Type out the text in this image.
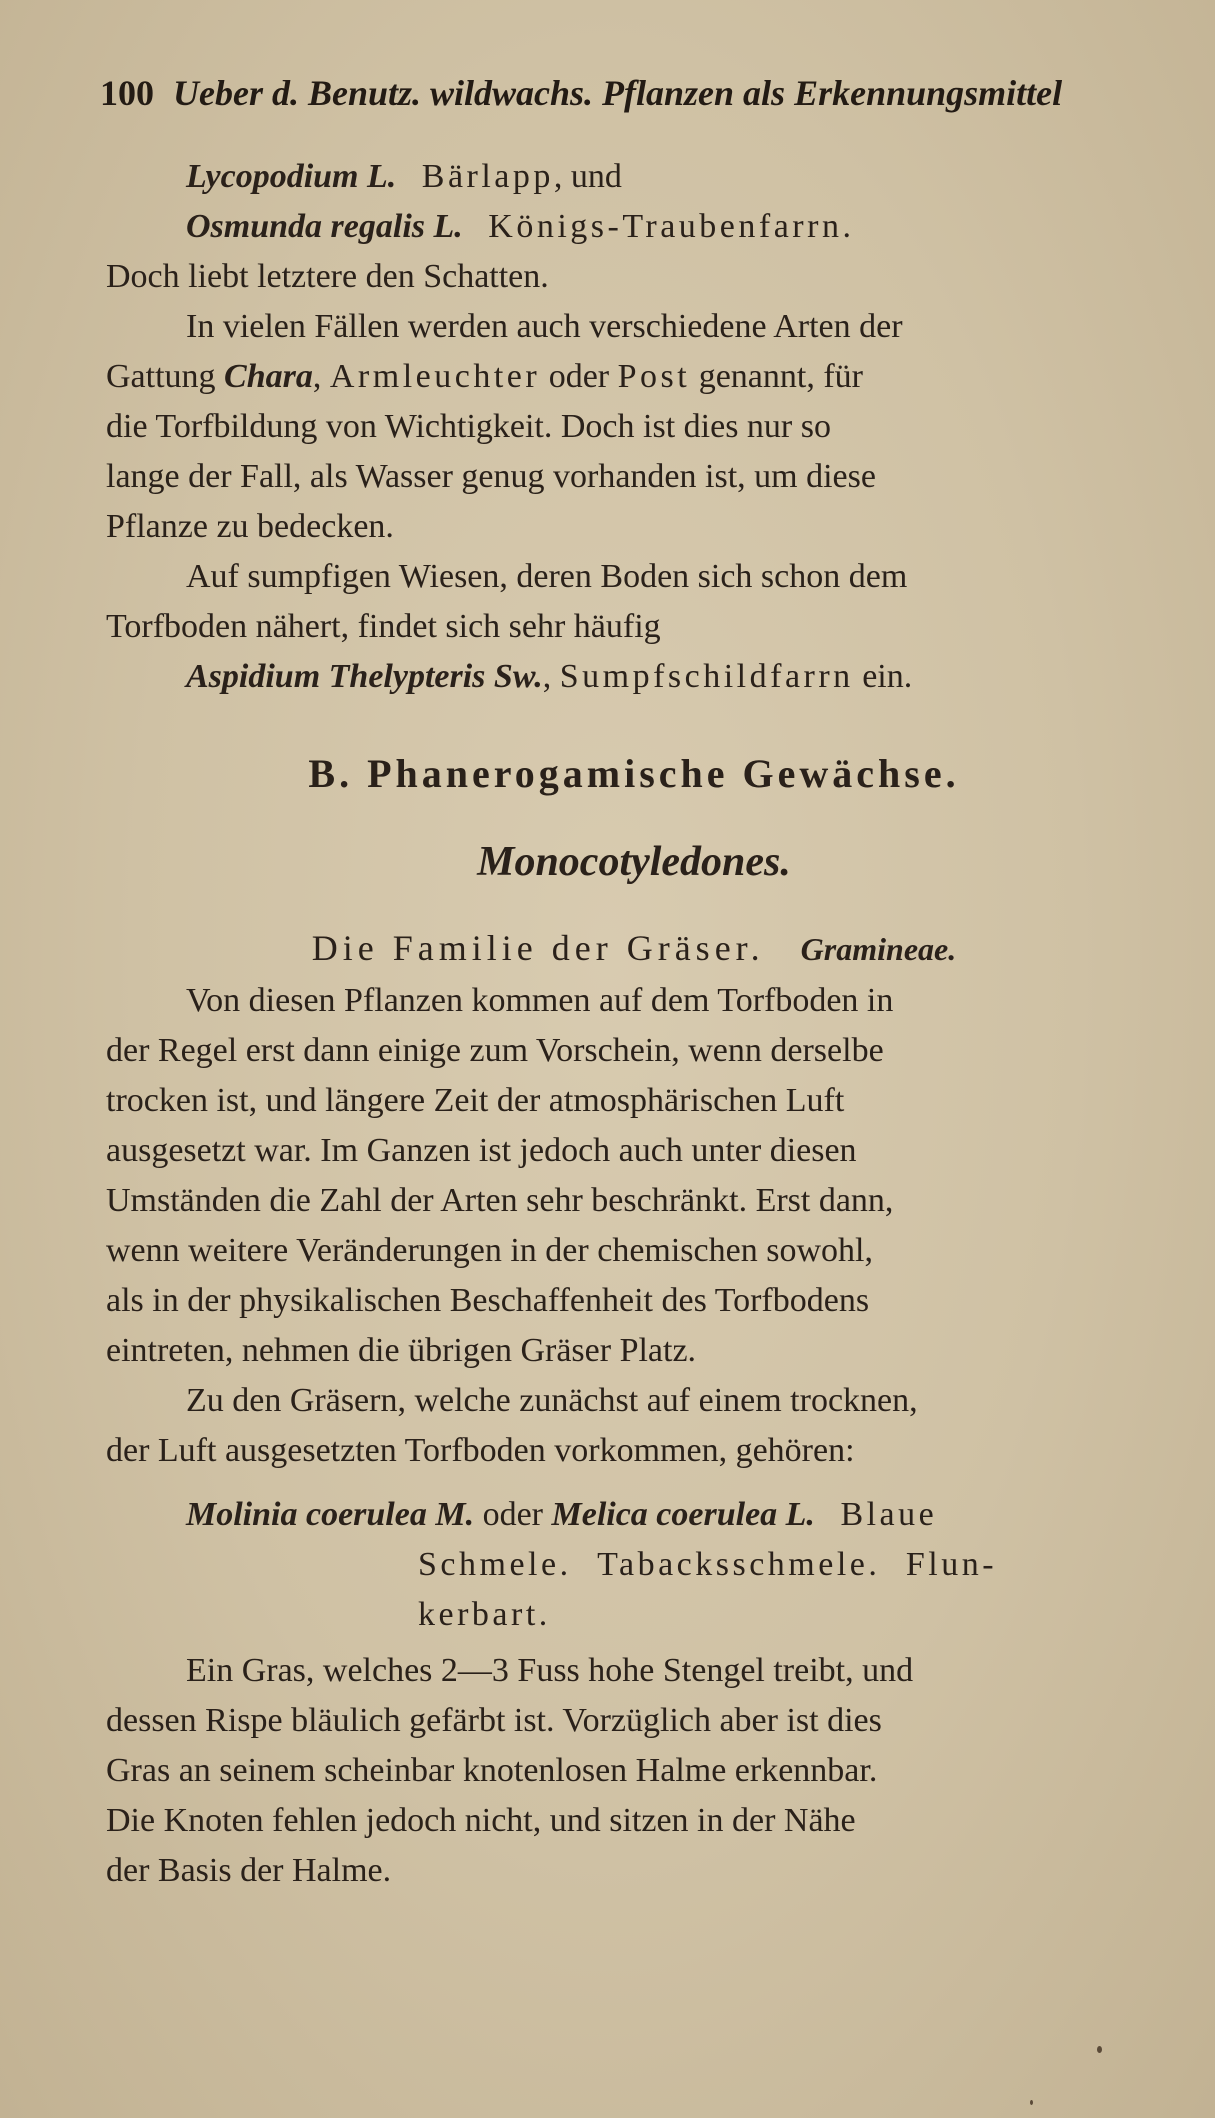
100 Ueber d. Benutz. wildwachs. Pflanzen als Erkennungsmittel
Lycopodium L.
Bärlapp , und
Osmunda regalis L.
Königs-Traubenfarrn.
Doch liebt letztere den Schatten.
In vielen Fällen werden auch verschiedene Arten der
Gattung Chara , Armleuchter oder Post genannt, für
die Torfbildung von Wichtigkeit. Doch ist dies nur so
lange der Fall, als Wasser genug vorhanden ist, um diese
Pflanze zu bedecken.
Auf sumpfigen Wiesen, deren Boden sich schon dem
Torfboden nähert, findet sich sehr häufig
Aspidium Thelypteris Sw. , Sumpfschildfarrn ein.
B. Phanerogamische Gewächse.
Monocotyledones.
Die Familie der Gräser. Gramineae.
Von diesen Pflanzen kommen auf dem Torfboden in
der Regel erst dann einige zum Vorschein, wenn derselbe
trocken ist, und längere Zeit der atmosphärischen Luft
ausgesetzt war. Im Ganzen ist jedoch auch unter diesen
Umständen die Zahl der Arten sehr beschränkt. Erst dann,
wenn weitere Veränderungen in der chemischen sowohl,
als in der physikalischen Beschaffenheit des Torfbodens
eintreten, nehmen die übrigen Gräser Platz.
Zu den Gräsern, welche zunächst auf einem trocknen,
der Luft ausgesetzten Torfboden vorkommen, gehören:
Molinia coerulea M. oder Melica coerulea L.
Blaue
Schmele.
Tabacksschmele.
Flun-
kerbart.
Ein Gras, welches 2—3 Fuss hohe Stengel treibt, und
dessen Rispe bläulich gefärbt ist. Vorzüglich aber ist dies
Gras an seinem scheinbar knotenlosen Halme erkennbar.
Die Knoten fehlen jedoch nicht, und sitzen in der Nähe
der Basis der Halme.
